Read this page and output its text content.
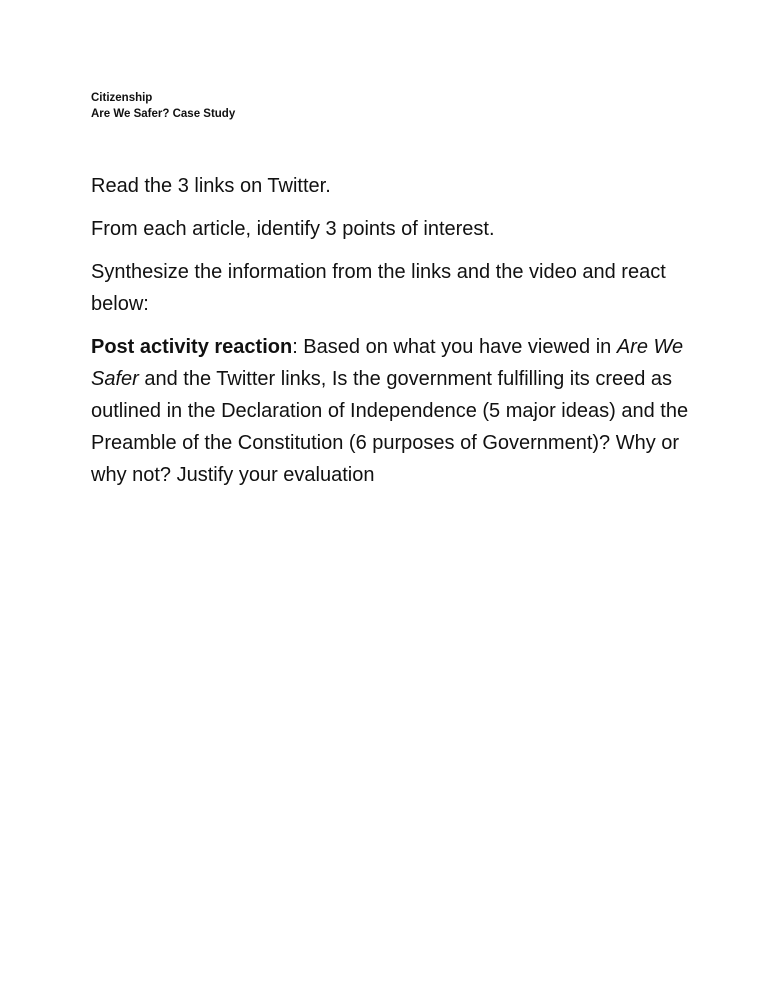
Citizenship
Are We Safer? Case Study

Read the 3 links on Twitter.

From each article, identify 3 points of interest.

Synthesize the information from the links and the video and react below:

Post activity reaction: Based on what you have viewed in Are We Safer and the Twitter links, Is the government fulfilling its creed as outlined in the Declaration of Independence (5 major ideas) and the Preamble of the Constitution (6 purposes of Government)? Why or why not? Justify your evaluation
